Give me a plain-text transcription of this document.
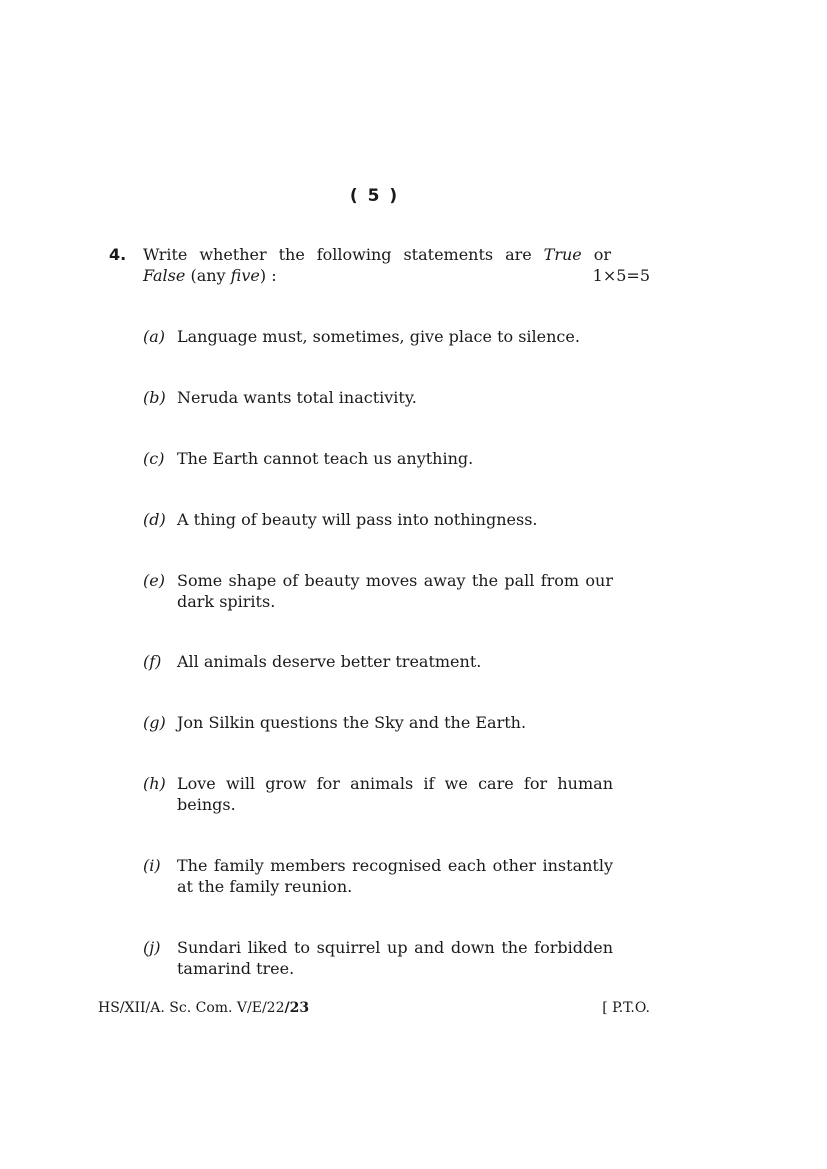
( 5 )
4. Write whether the following statements are True or
False (any five) :	1×5=5
(a) Language must, sometimes, give place to silence.
(b) Neruda wants total inactivity.
(c) The Earth cannot teach us anything.
(d) A thing of beauty will pass into nothingness.
(e) Some shape of beauty moves away the pall from our dark spirits.
(f) All animals deserve better treatment.
(g) Jon Silkin questions the Sky and the Earth.
(h) Love will grow for animals if we care for human beings.
(i) The family members recognised each other instantly at the family reunion.
(j) Sundari liked to squirrel up and down the forbidden tamarind tree.
HS/XII/A. Sc. Com. V/E/22/23	[ P.T.O.
